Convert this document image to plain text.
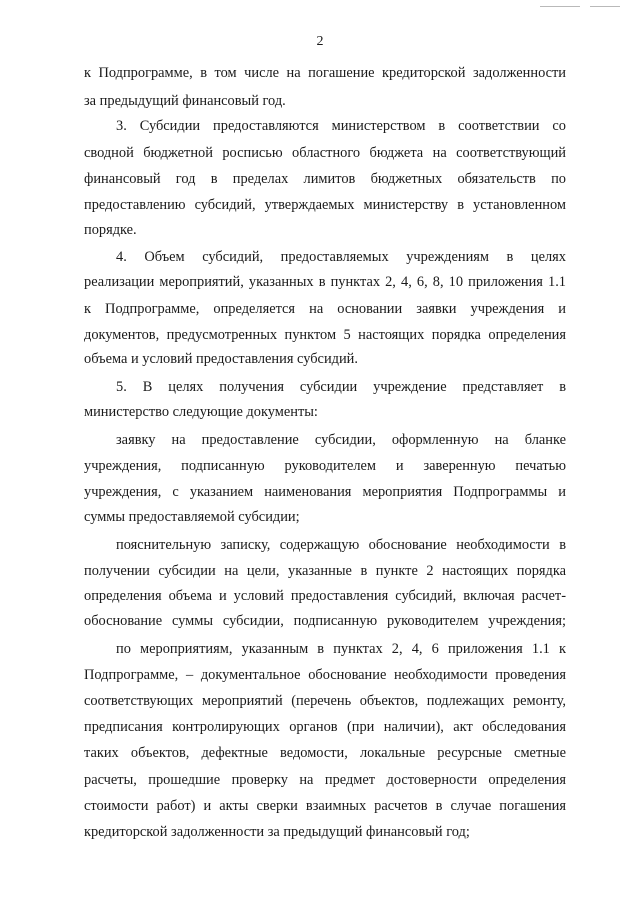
2
к Подпрограмме, в том числе на погашение кредиторской задолженности
за предыдущий финансовый год.
3. Субсидии предоставляются министерством в соответствии со
сводной бюджетной росписью областного бюджета на соответствующий
финансовый год в пределах лимитов бюджетных обязательств по
предоставлению субсидий, утверждаемых министерству в установленном
порядке.
4. Объем субсидий, предоставляемых учреждениям в целях
реализации мероприятий, указанных в пунктах 2, 4, 6, 8, 10 приложения 1.1
к Подпрограмме, определяется на основании заявки учреждения и
документов, предусмотренных пунктом 5 настоящих порядка определения
объема и условий предоставления субсидий.
5. В целях получения субсидии учреждение представляет в
министерство следующие документы:
заявку на предоставление субсидии, оформленную на бланке
учреждения, подписанную руководителем и заверенную печатью
учреждения, с указанием наименования мероприятия Подпрограммы и
суммы предоставляемой субсидии;
пояснительную записку, содержащую обоснование необходимости в
получении субсидии на цели, указанные в пункте 2 настоящих порядка
определения объема и условий предоставления субсидий, включая расчет-
обоснование суммы субсидии, подписанную руководителем учреждения;
по мероприятиям, указанным в пунктах 2, 4, 6 приложения 1.1 к
Подпрограмме, – документальное обоснование необходимости проведения
соответствующих мероприятий (перечень объектов, подлежащих ремонту,
предписания контролирующих органов (при наличии), акт обследования
таких объектов, дефектные ведомости, локальные ресурсные сметные
расчеты, прошедшие проверку на предмет достоверности определения
стоимости работ) и акты сверки взаимных расчетов в случае погашения
кредиторской задолженности за предыдущий финансовый год;
